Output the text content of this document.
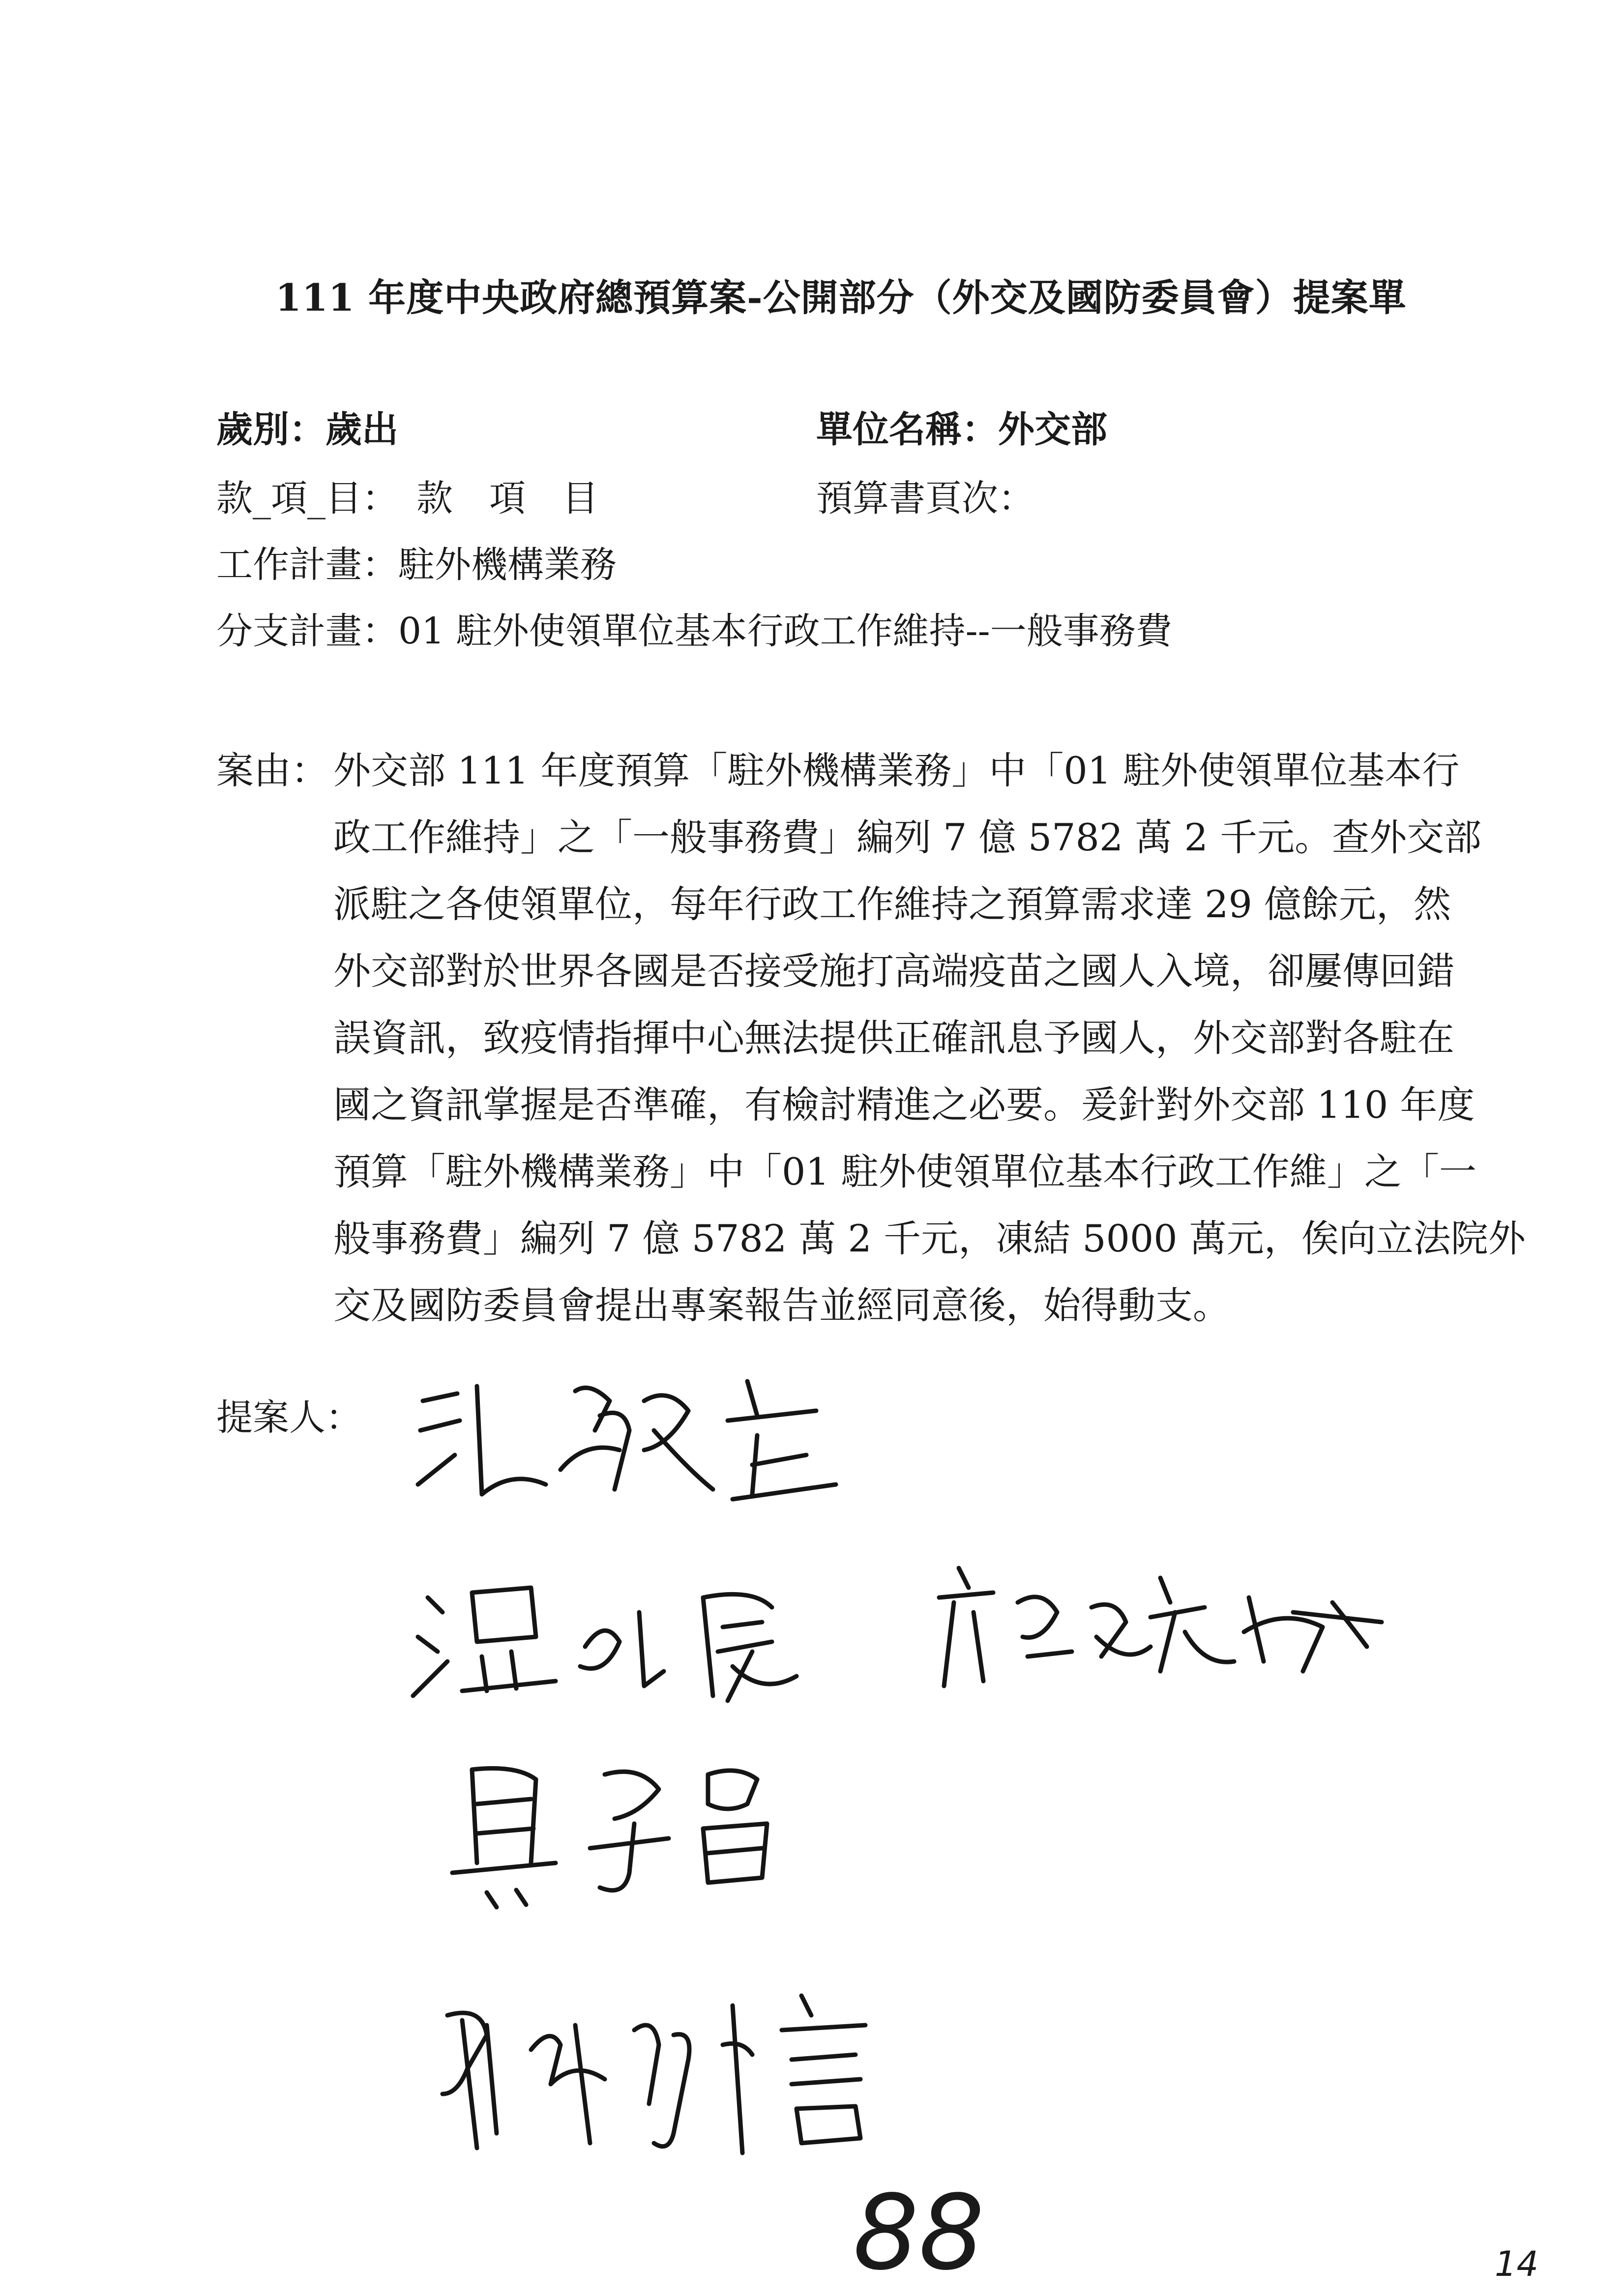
111 年度中央政府總預算案-公開部分（外交及國防委員會）提案單
歲別：歲出	單位名稱：外交部
款_項_目：　款　項　目	預算書頁次：
工作計畫：駐外機構業務
分支計畫：01 駐外使領單位基本行政工作維持--一般事務費
案由： 外交部 111 年度預算「駐外機構業務」中「01 駐外使領單位基本行
政工作維持」之「一般事務費」編列 7 億 5782 萬 2 千元。查外交部
派駐之各使領單位，每年行政工作維持之預算需求達 29 億餘元，然
外交部對於世界各國是否接受施打高端疫苗之國人入境，卻屢傳回錯
誤資訊，致疫情指揮中心無法提供正確訊息予國人，外交部對各駐在
國之資訊掌握是否準確，有檢討精進之必要。爰針對外交部 110 年度
預算「駐外機構業務」中「01 駐外使領單位基本行政工作維」之「一
般事務費」編列 7 億 5782 萬 2 千元，凍結 5000 萬元，俟向立法院外
交及國防委員會提出專案報告並經同意後，始得動支。
提案人：
88	14
